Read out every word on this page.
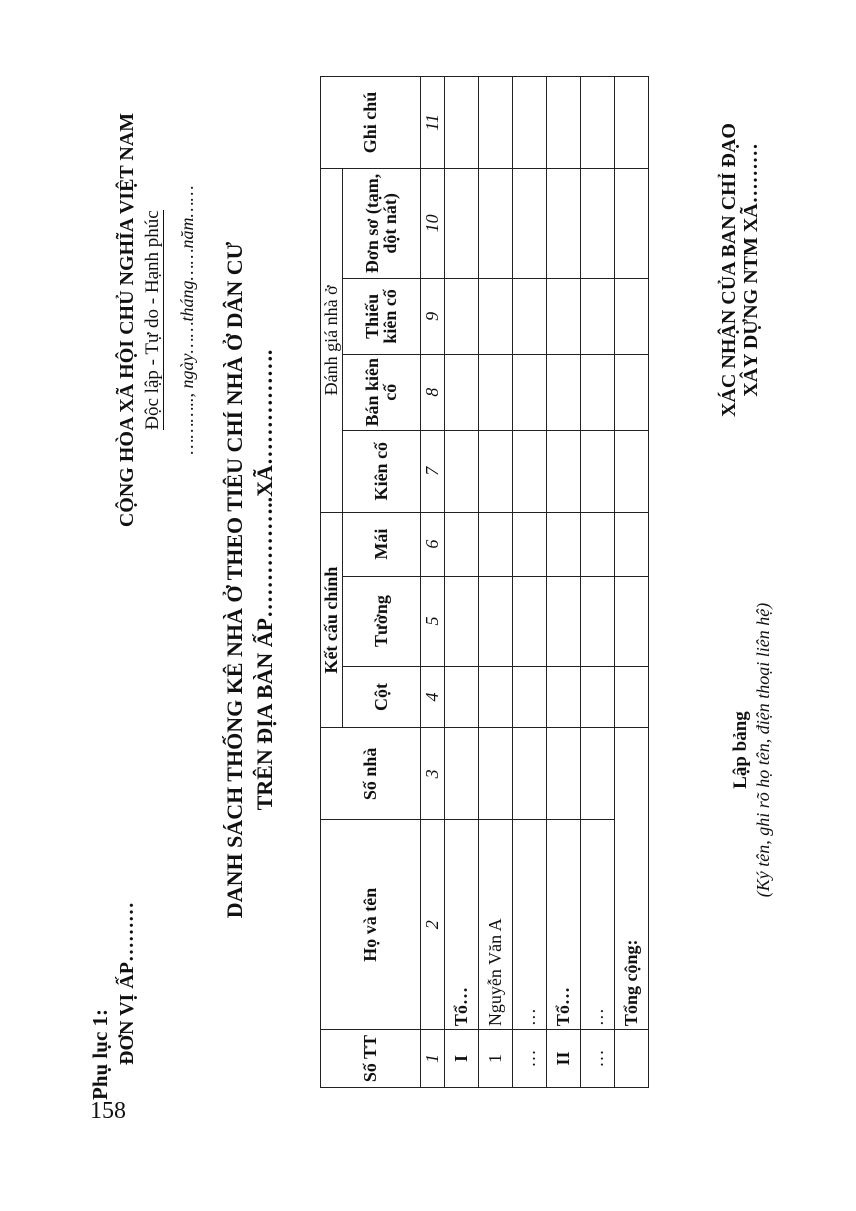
158
Phụ lục 1: ĐƠN VỊ ẤP………
CỘNG HÒA XÃ HỘI CHỦ NGHĨA VIỆT NAM Độc lập - Tự do - Hạnh phúc ……….., ngày……tháng……năm…… DANH SÁCH THỐNG KÊ NHÀ Ở THEO TIÊU CHÍ NHÀ Ở DÂN CƯ TRÊN ĐỊA BÀN ẤP……………..XÃ…………….
Số TT	Họ và tên	Số nhà	Kết cấu chính			Đánh giá nhà ở				Ghi chú
			Cột	Tường	Mái	Kiên cố	Bán kiên cố	Thiếu kiên cố	Đơn sơ (tạm, dột nát)	
1	2	3	4	5	6	7	8	9	10	11
I	Tổ…									
1	Nguyễn Văn A									
…	…									
II	Tổ…									
…	…									
	Tổng cộng:									
Lập bảng (Ký tên, ghi rõ họ tên, điện thoại liên hệ)
XÁC NHẬN CỦA BAN CHỈ ĐẠO XÂY DỰNG NTM XÃ………
